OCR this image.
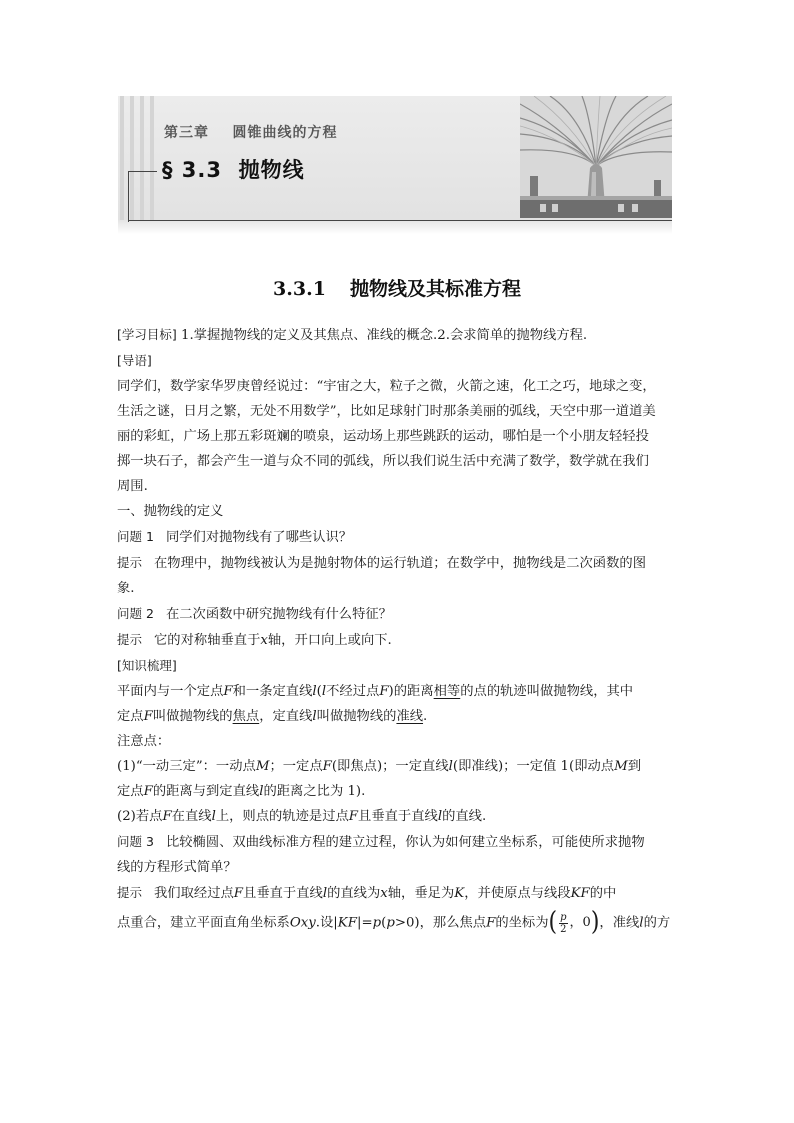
第三章    圆锥曲线的方程
§ 3.3  抛物线
3.3.1 抛物线及其标准方程
[学习目标] 1.掌握抛物线的定义及其焦点、准线的概念.2.会求简单的抛物线方程.
[导语]
同学们，数学家华罗庚曾经说过：“宇宙之大，粒子之微，火箭之速，化工之巧，地球之变，
生活之谜，日月之繁，无处不用数学”，比如足球射门时那条美丽的弧线，天空中那一道道美
丽的彩虹，广场上那五彩斑斓的喷泉，运动场上那些跳跃的运动，哪怕是一个小朋友轻轻投
掷一块石子，都会产生一道与众不同的弧线，所以我们说生活中充满了数学，数学就在我们
周围.
一、抛物线的定义
问题 1 同学们对抛物线有了哪些认识？
提示 在物理中，抛物线被认为是抛射物体的运行轨道；在数学中，抛物线是二次函数的图
象.
问题 2 在二次函数中研究抛物线有什么特征？
提示 它的对称轴垂直于x轴，开口向上或向下.
[知识梳理]
平面内与一个定点F和一条定直线l(l不经过点F)的距离相等的点的轨迹叫做抛物线，其中
定点F叫做抛物线的焦点，定直线l叫做抛物线的准线.
注意点：
(1)“一动三定”：一动点M；一定点F(即焦点)；一定直线l(即准线)；一定值 1(即动点M到
定点F的距离与到定直线l的距离之比为 1).
(2)若点F在直线l上，则点的轨迹是过点F且垂直于直线l的直线.
问题 3 比较椭圆、双曲线标准方程的建立过程，你认为如何建立坐标系，可能使所求抛物
线的方程形式简单？
提示 我们取经过点F且垂直于直线l的直线为x轴，垂足为K，并使原点与线段KF的中
点重合，建立平面直角坐标系Oxy.设|KF|=p(p>0)，那么焦点F的坐标为 ( $\frac{p}{2}$ ，0 ) ，准线l的方
